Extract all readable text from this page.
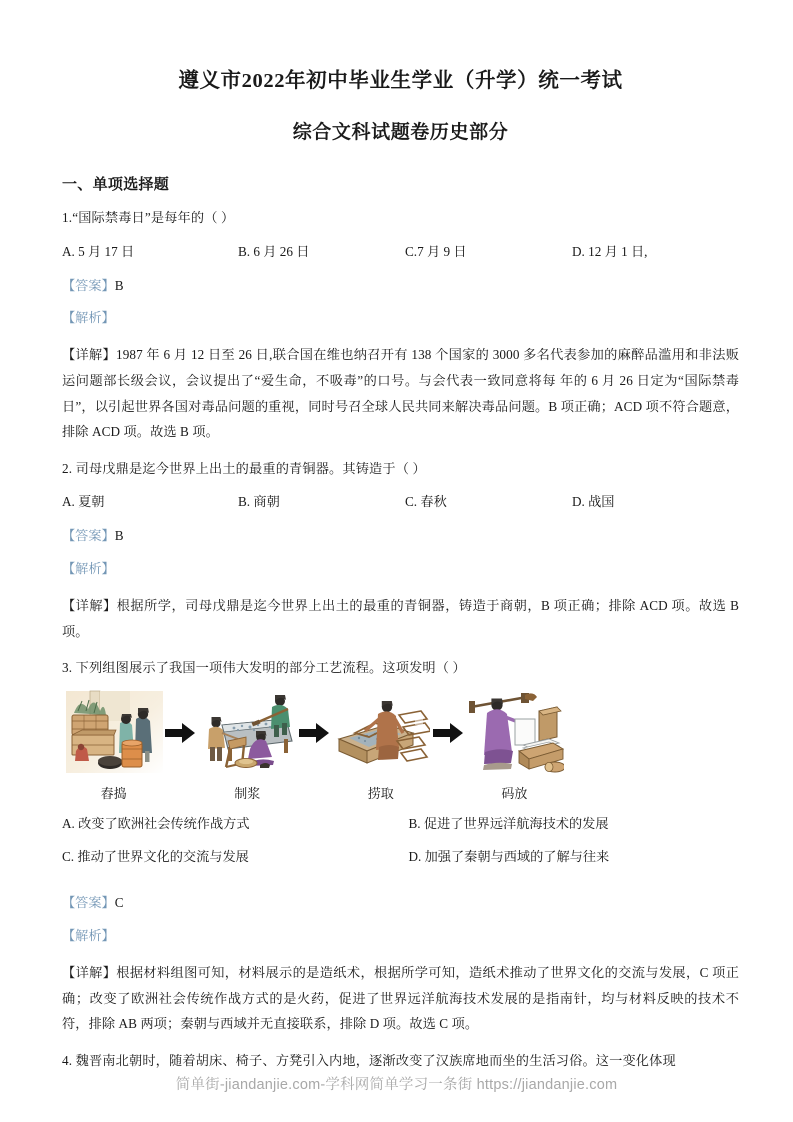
遵义市2022年初中毕业生学业（升学）统一考试
综合文科试题卷历史部分
一、单项选择题
1.“国际禁毒日”是每年的（ ）
A. 5 月 17 日	B. 6 月 26 日	C.7 月 9 日	D. 12 月 1 日,
【答案】B
【解析】
【详解】1987 年 6 月 12 日至 26 日,联合国在维也纳召开有 138 个国家的 3000 多名代表参加的麻醉品滥用和非法贩运问题部长级会议，会议提出了“爱生命，不吸毒”的口号。与会代表一致同意将每 年的 6 月 26 日定为“国际禁毒日”，以引起世界各国对毒品问题的重视，同时号召全球人民共同来解决毒品问题。B 项正确；ACD 项不符合题意，排除 ACD 项。故选 B 项。
2. 司母戊鼎是迄今世界上出土的最重的青铜器。其铸造于（ ）
A. 夏朝	B. 商朝	C. 春秋	D. 战国
【答案】B
【解析】
【详解】根据所学，司母戊鼎是迄今世界上出土的最重的青铜器，铸造于商朝，B 项正确；排除 ACD 项。故选 B 项。
3. 下列组图展示了我国一项伟大发明的部分工艺流程。这项发明（ ）
舂捣	制浆	捞取	码放
A. 改变了欧洲社会传统作战方式	B. 促进了世界远洋航海技术的发展
C. 推动了世界文化的交流与发展	D. 加强了秦朝与西域的了解与往来
【答案】C
【解析】
【详解】根据材料组图可知，材料展示的是造纸术，根据所学可知，造纸术推动了世界文化的交流与发展，C 项正确；改变了欧洲社会传统作战方式的是火药，促进了世界远洋航海技术发展的是指南针，均与材料反映的技术不符，排除 AB 两项；秦朝与西域并无直接联系，排除 D 项。故选 C 项。
4. 魏晋南北朝时，随着胡床、椅子、方凳引入内地，逐渐改变了汉族席地而坐的生活习俗。这一变化体现
简单街-jiandanjie.com-学科网简单学习一条街 https://jiandanjie.com
